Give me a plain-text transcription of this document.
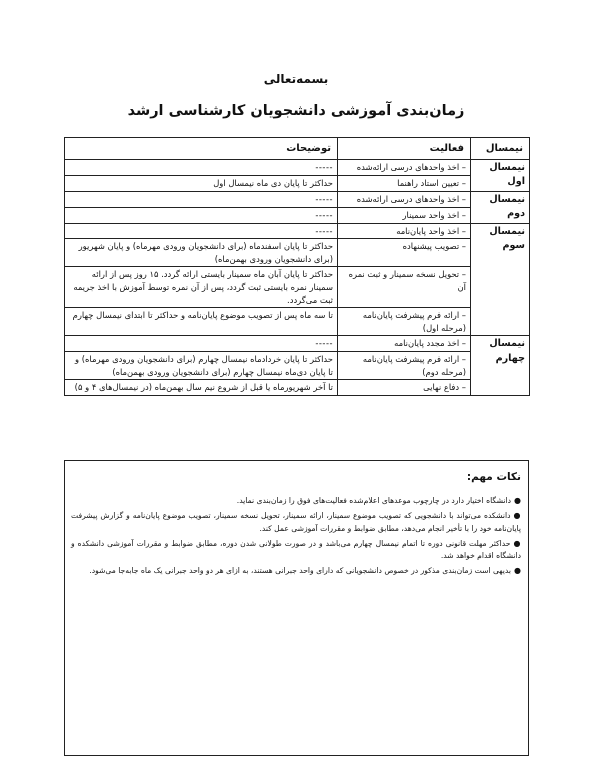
بسمه‌تعالی
زمان‌بندی آموزشی دانشجویان کارشناسی ارشد
نیمسال	فعالیت	توضیحات
نیمسال اول	– اخذ واحدهای درسی ارائه‌شده	-----
	– تعیین استاد راهنما	حداکثر تا پایان دی ماه نیمسال اول
نیمسال دوم	– اخذ واحدهای درسی ارائه‌شده	-----
	– اخذ واحد سمینار	-----
نیمسال سوم	– اخذ واحد پایان‌نامه	-----
	– تصویب پیشنهاده	حداکثر تا پایان اسفندماه (برای دانشجویان ورودی مهرماه) و پایان شهریور (برای دانشجویان ورودی بهمن‌ماه)
	– تحویل نسخه سمینار و ثبت نمره آن	حداکثر تا پایان آبان ماه سمینار بایستی ارائه گردد. ۱۵ روز پس از ارائه سمینار نمره بایستی ثبت گردد، پس از آن نمره توسط آموزش با اخذ جریمه ثبت می‌گردد.
	– ارائه فرم پیشرفت پایان‌نامه (مرحله اول)	تا سه ماه پس از تصویب موضوع پایان‌نامه و حداکثر تا ابتدای نیمسال چهارم
نیمسال چهارم	– اخذ مجدد پایان‌نامه	-----
	– ارائه فرم پیشرفت پایان‌نامه (مرحله دوم)	حداکثر تا پایان خردادماه نیمسال چهارم (برای دانشجویان ورودی مهرماه) و تا پایان دی‌ماه نیمسال چهارم (برای دانشجویان ورودی بهمن‌ماه)
	– دفاع نهایی	تا آخر شهریورماه یا قبل از شروع نیم سال بهمن‌ماه (در نیمسال‌های ۴ و ۵)
نکات مهم:
●دانشگاه اختیار دارد در چارچوب موعدهای اعلام‌شده فعالیت‌های فوق را زمان‌بندی نماید.
●دانشکده می‌تواند با دانشجویی که تصویب موضوع سمینار، ارائه سمینار، تحویل نسخه سمینار، تصویب موضوع پایان‌نامه و گزارش پیشرفت پایان‌نامه خود را با تأخیر انجام می‌دهد، مطابق ضوابط و مقررات آموزشی عمل کند.
●حداکثر مهلت قانونی دوره تا اتمام نیمسال چهارم می‌باشد و در صورت طولانی شدن دوره، مطابق ضوابط و مقررات آموزشی دانشکده و دانشگاه اقدام خواهد شد.
●بدیهی است زمان‌بندی مذکور در خصوص دانشجویانی که دارای واحد جبرانی هستند، به ازای هر دو واحد جبرانی یک ماه جابه‌جا می‌شود.
